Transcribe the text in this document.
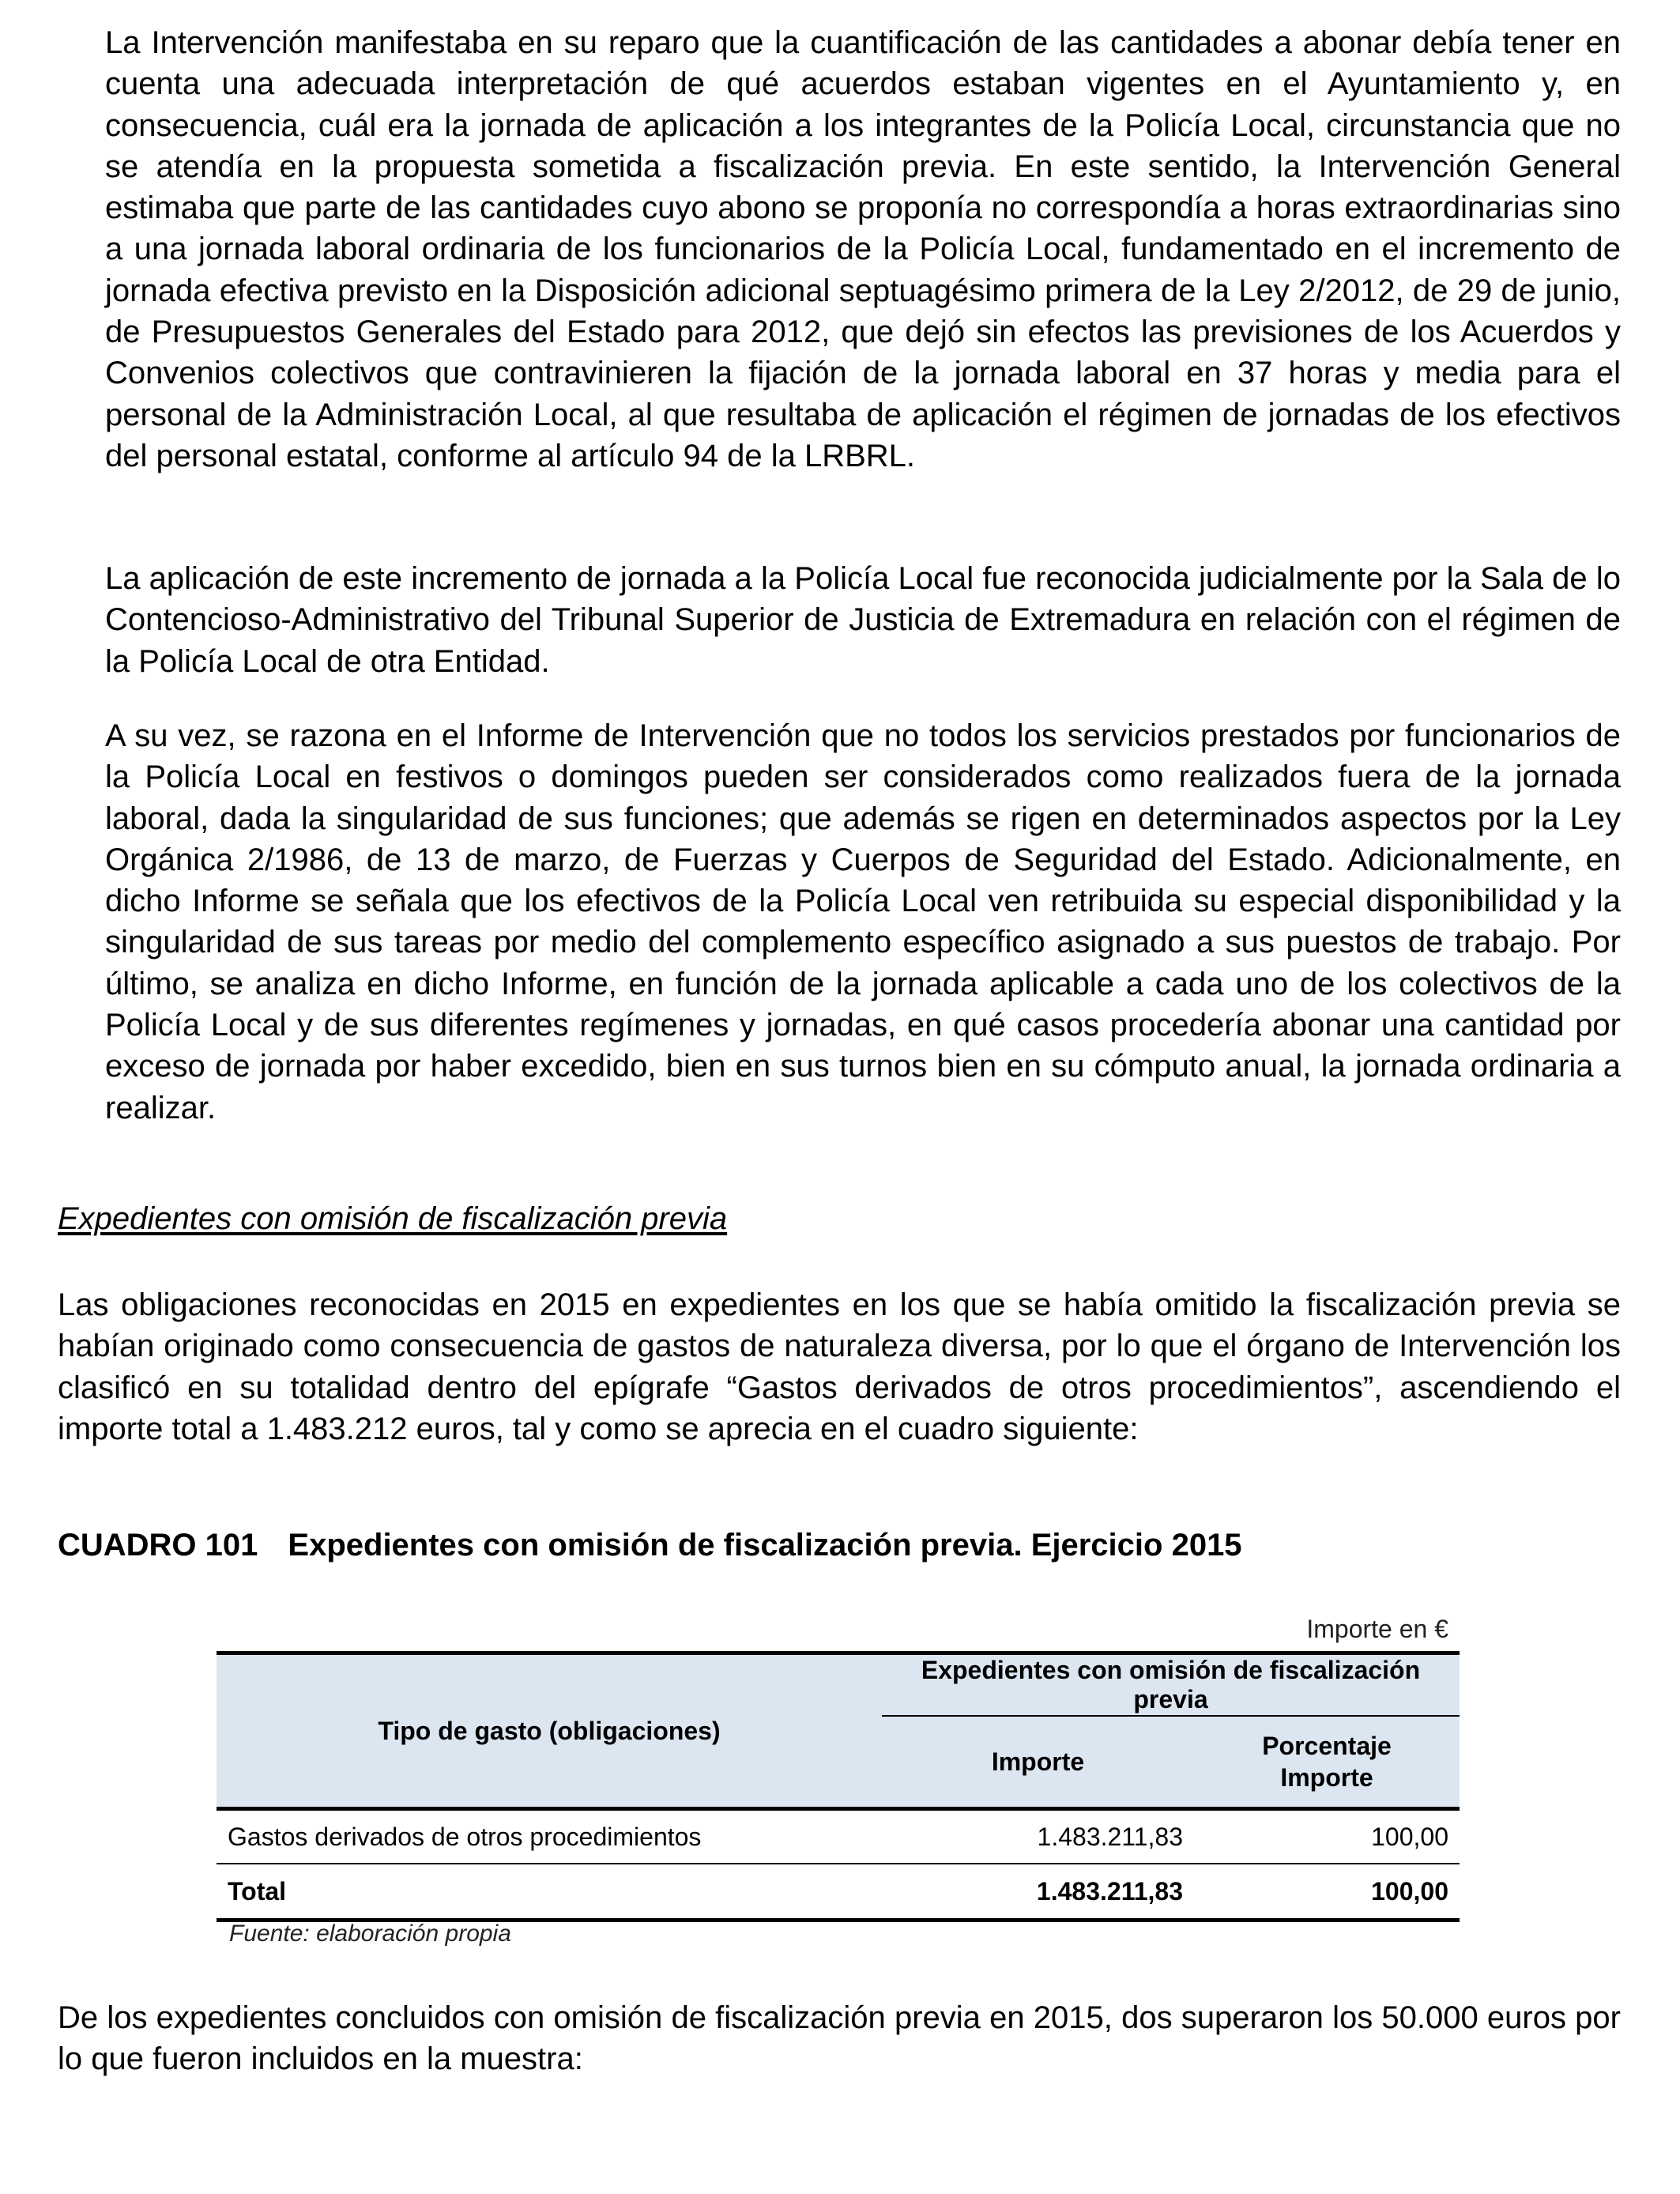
La Intervención manifestaba en su reparo que la cuantificación de las cantidades a abonar debía tener en cuenta una adecuada interpretación de qué acuerdos estaban vigentes en el Ayuntamiento y, en consecuencia, cuál era la jornada de aplicación a los integrantes de la Policía Local, circunstancia que no se atendía en la propuesta sometida a fiscalización previa. En este sentido, la Intervención General estimaba que parte de las cantidades cuyo abono se proponía no correspondía a horas extraordinarias sino a una jornada laboral ordinaria de los funcionarios de la Policía Local, fundamentado en el incremento de jornada efectiva previsto en la Disposición adicional septuagésimo primera de la Ley 2/2012, de 29 de junio, de Presupuestos Generales del Estado para 2012, que dejó sin efectos las previsiones de los Acuerdos y Convenios colectivos que contravinieren la fijación de la jornada laboral en 37 horas y media para el personal de la Administración Local, al que resultaba de aplicación el régimen de jornadas de los efectivos del personal estatal, conforme al artículo 94 de la LRBRL.

La aplicación de este incremento de jornada a la Policía Local fue reconocida judicialmente por la Sala de lo Contencioso-Administrativo del Tribunal Superior de Justicia de Extremadura en relación con el régimen de la Policía Local de otra Entidad.

A su vez, se razona en el Informe de Intervención que no todos los servicios prestados por funcionarios de la Policía Local en festivos o domingos pueden ser considerados como realizados fuera de la jornada laboral, dada la singularidad de sus funciones; que además se rigen en determinados aspectos por la Ley Orgánica 2/1986, de 13 de marzo, de Fuerzas y Cuerpos de Seguridad del Estado. Adicionalmente, en dicho Informe se señala que los efectivos de la Policía Local ven retribuida su especial disponibilidad y la singularidad de sus tareas por medio del complemento específico asignado a sus puestos de trabajo. Por último, se analiza en dicho Informe, en función de la jornada aplicable a cada uno de los colectivos de la Policía Local y de sus diferentes regímenes y jornadas, en qué casos procedería abonar una cantidad por exceso de jornada por haber excedido, bien en sus turnos bien en su cómputo anual, la jornada ordinaria a realizar.

Expedientes con omisión de fiscalización previa

Las obligaciones reconocidas en 2015 en expedientes en los que se había omitido la fiscalización previa se habían originado como consecuencia de gastos de naturaleza diversa, por lo que el órgano de Intervención los clasificó en su totalidad dentro del epígrafe “Gastos derivados de otros procedimientos”, ascendiendo el importe total a 1.483.212 euros, tal y como se aprecia en el cuadro siguiente:

CUADRO 101 Expedientes con omisión de fiscalización previa. Ejercicio 2015
Importe en €
Tipo de gasto (obligaciones)	Expedientes con omisión de fiscalización previa	
	Importe	Porcentaje
Importe
Gastos derivados de otros procedimientos	1.483.211,83	100,00
Total	1.483.211,83	100,00
Fuente: elaboración propia

De los expedientes concluidos con omisión de fiscalización previa en 2015, dos superaron los 50.000 euros por lo que fueron incluidos en la muestra:
